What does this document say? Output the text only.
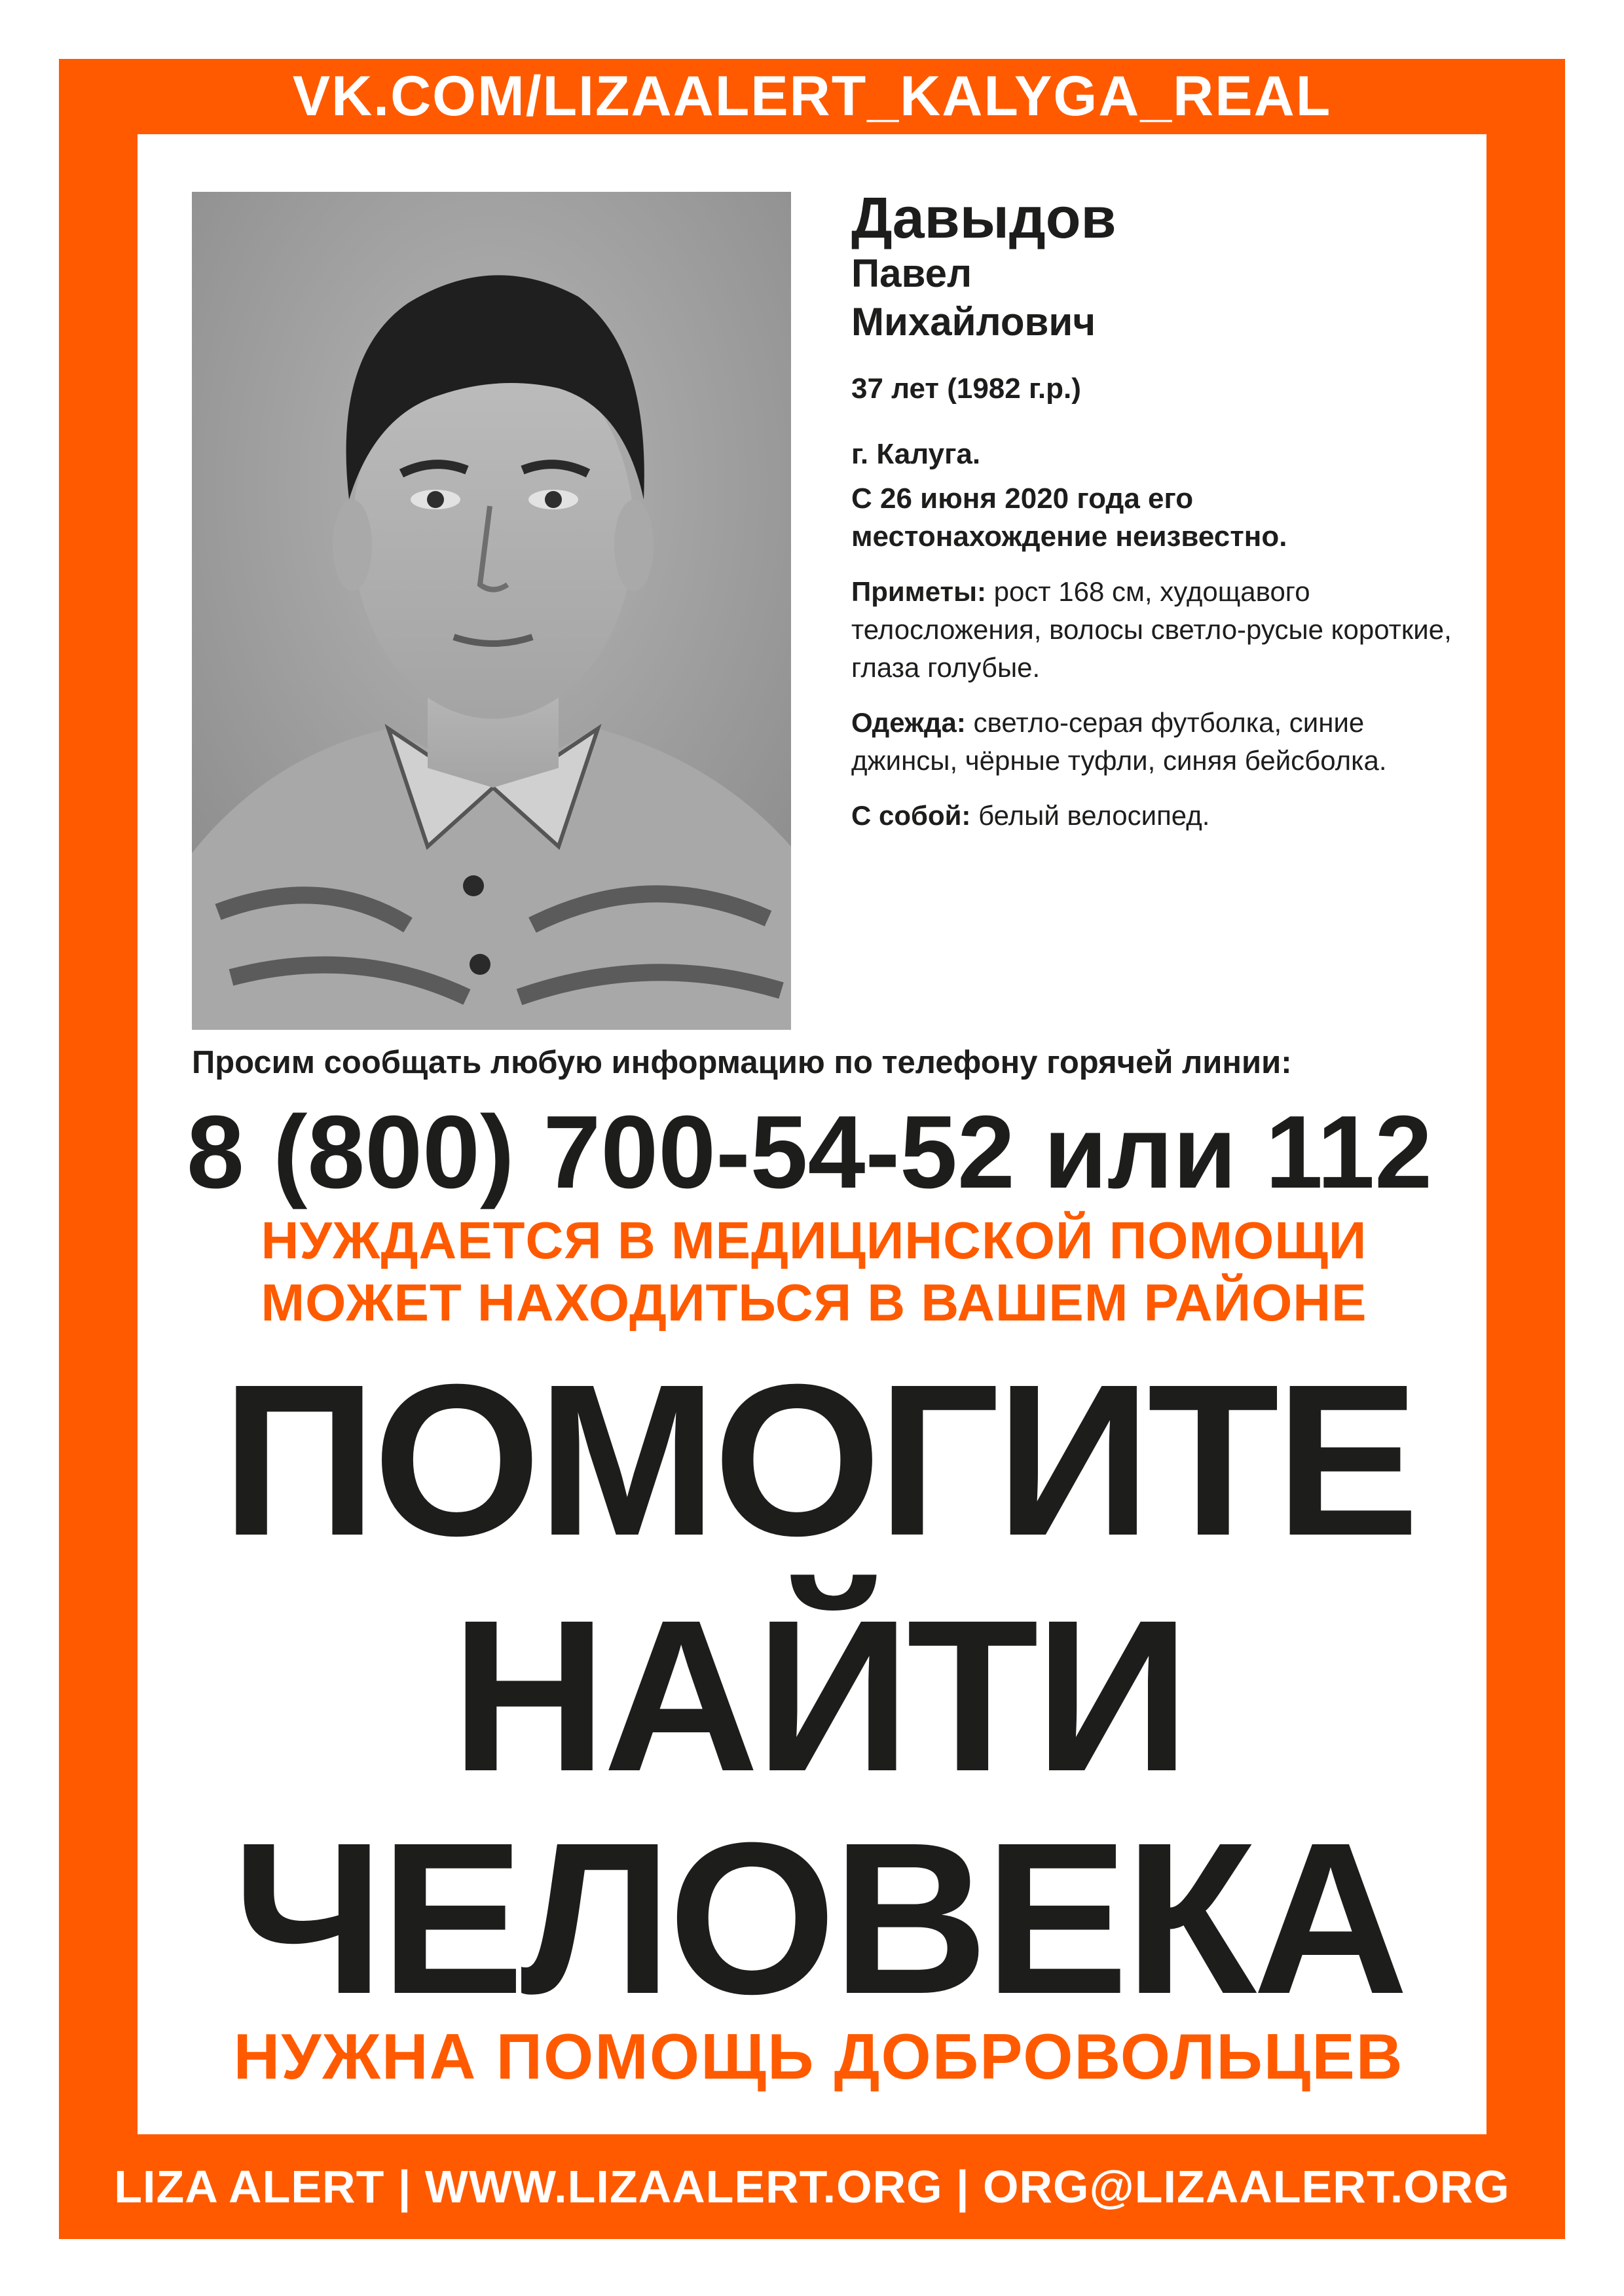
VK.COM/LIZAALERT_KALYGA_REAL
Давыдов
Павел
Михайлович
37 лет (1982 г.р.)
г. Калуга.
С 26 июня 2020 года его
местонахождение неизвестно.
Приметы: рост 168 см, худощавого телосложения, волосы светло-русые короткие, глаза голубые.
Одежда: светло-серая футболка, синие джинсы, чёрные туфли, синяя бейсболка.
С собой: белый велосипед.
Просим сообщать любую информацию по телефону горячей линии:
8 (800) 700-54-52 или 112
НУЖДАЕТСЯ В МЕДИЦИНСКОЙ ПОМОЩИ
МОЖЕТ НАХОДИТЬСЯ В ВАШЕМ РАЙОНЕ
ПОМОГИТЕ
НАЙТИ
ЧЕЛОВЕКА
НУЖНА ПОМОЩЬ ДОБРОВОЛЬЦЕВ
LIZA ALERT | WWW.LIZAALERT.ORG | ORG@LIZAALERT.ORG
